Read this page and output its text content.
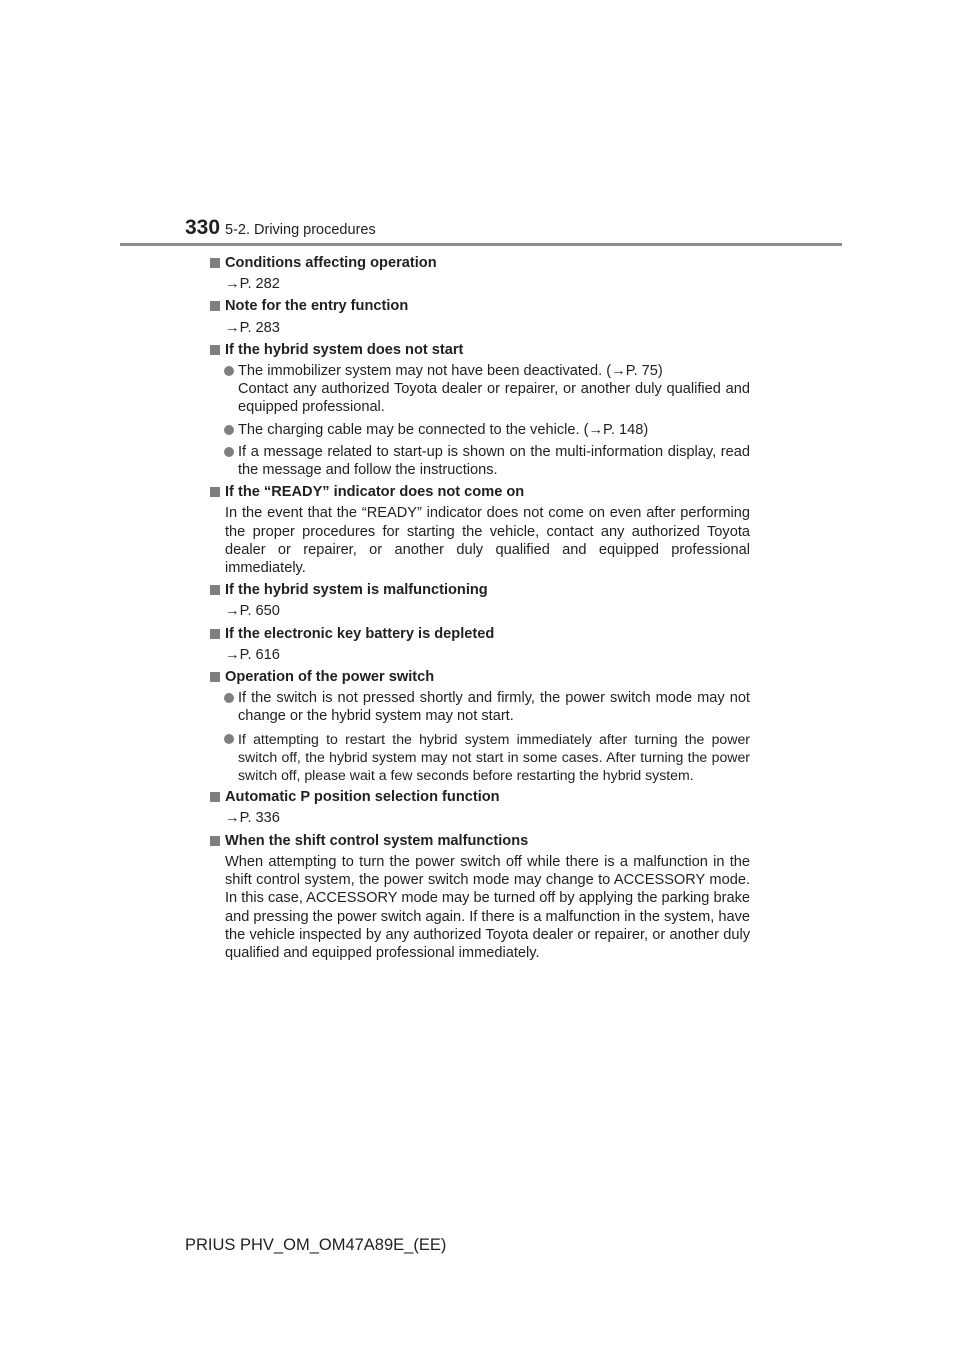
330 5-2. Driving procedures
Conditions affecting operation
→P. 282
Note for the entry function
→P. 283
If the hybrid system does not start

The immobilizer system may not have been deactivated. (→P. 75)

Contact any authorized Toyota dealer or repairer, or another duly qualified and equipped professional.

The charging cable may be connected to the vehicle. (→P. 148)

If a message related to start-up is shown on the multi-information display, read the message and follow the instructions.

If the “READY” indicator does not come on
In the event that the “READY” indicator does not come on even after performing the proper procedures for starting the vehicle, contact any authorized Toyota dealer or repairer, or another duly qualified and equipped professional immediately.
If the hybrid system is malfunctioning
→P. 650
If the electronic key battery is depleted
→P. 616
Operation of the power switch

If the switch is not pressed shortly and firmly, the power switch mode may not change or the hybrid system may not start.

If attempting to restart the hybrid system immediately after turning the power switch off, the hybrid system may not start in some cases. After turning the power switch off, please wait a few seconds before restarting the hybrid system.

Automatic P position selection function
→P. 336
When the shift control system malfunctions
When attempting to turn the power switch off while there is a malfunction in the shift control system, the power switch mode may change to ACCESSORY mode. In this case, ACCESSORY mode may be turned off by applying the parking brake and pressing the power switch again. If there is a malfunction in the system, have the vehicle inspected by any authorized Toyota dealer or repairer, or another duly qualified and equipped professional immediately.
PRIUS PHV_OM_OM47A89E_(EE)
